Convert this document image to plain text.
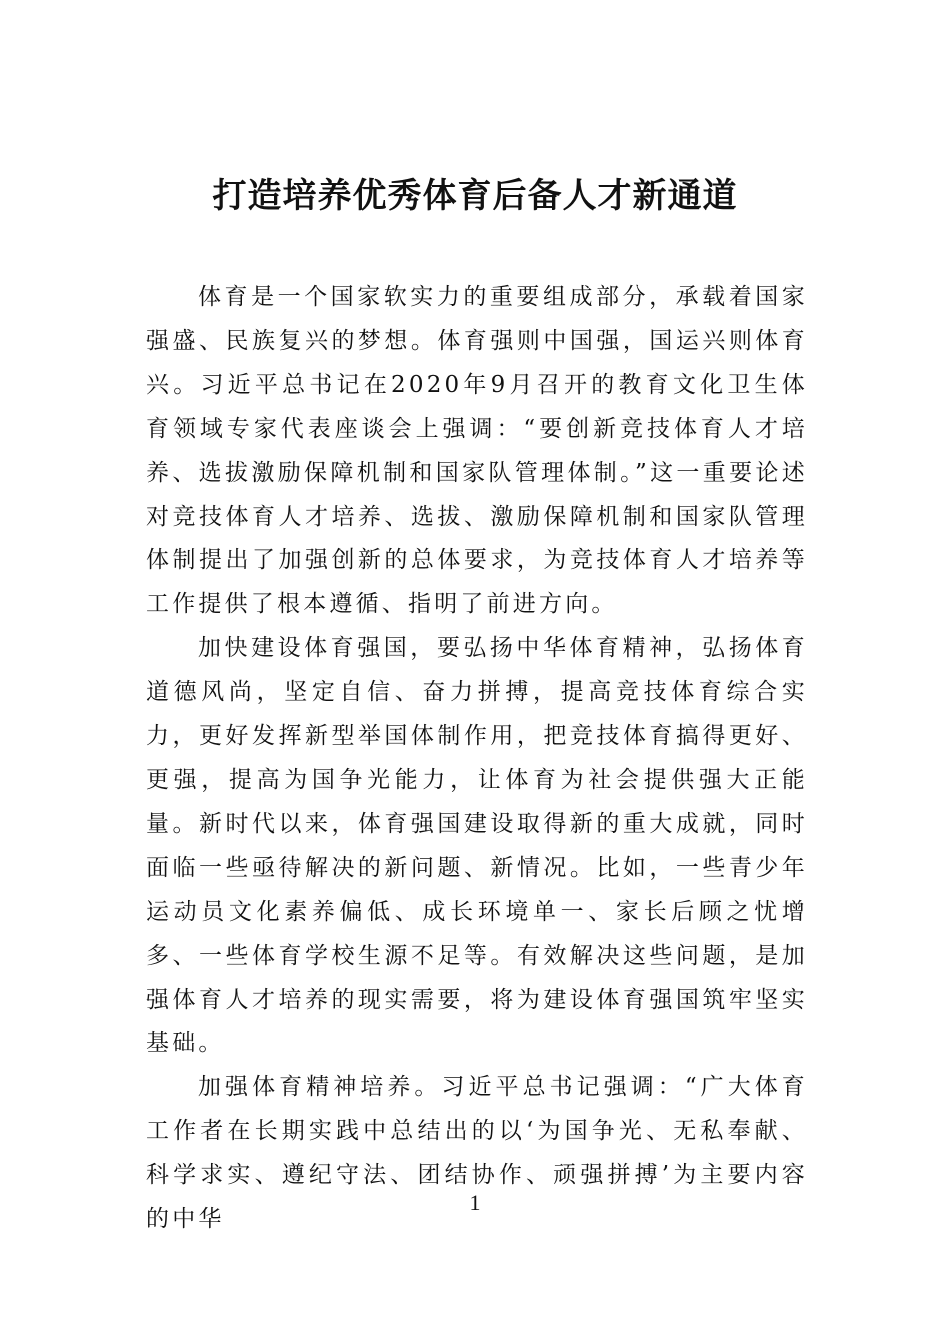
打造培养优秀体育后备人才新通道

体育是一个国家软实力的重要组成部分，承载着国家强盛、民族复兴的梦想。体育强则中国强，国运兴则体育兴。习近平总书记在2020年9月召开的教育文化卫生体育领域专家代表座谈会上强调：“要创新竞技体育人才培养、选拔激励保障机制和国家队管理体制。”这一重要论述对竞技体育人才培养、选拔、激励保障机制和国家队管理体制提出了加强创新的总体要求，为竞技体育人才培养等工作提供了根本遵循、指明了前进方向。

加快建设体育强国，要弘扬中华体育精神，弘扬体育道德风尚，坚定自信、奋力拼搏，提高竞技体育综合实力，更好发挥新型举国体制作用，把竞技体育搞得更好、更强，提高为国争光能力，让体育为社会提供强大正能量。新时代以来，体育强国建设取得新的重大成就，同时面临一些亟待解决的新问题、新情况。比如，一些青少年运动员文化素养偏低、成长环境单一、家长后顾之忧增多、一些体育学校生源不足等。有效解决这些问题，是加强体育人才培养的现实需要，将为建设体育强国筑牢坚实基础。

加强体育精神培养。习近平总书记强调：“广大体育工作者在长期实践中总结出的以‘为国争光、无私奉献、科学求实、遵纪守法、团结协作、顽强拼搏’为主要内容的中华

1
